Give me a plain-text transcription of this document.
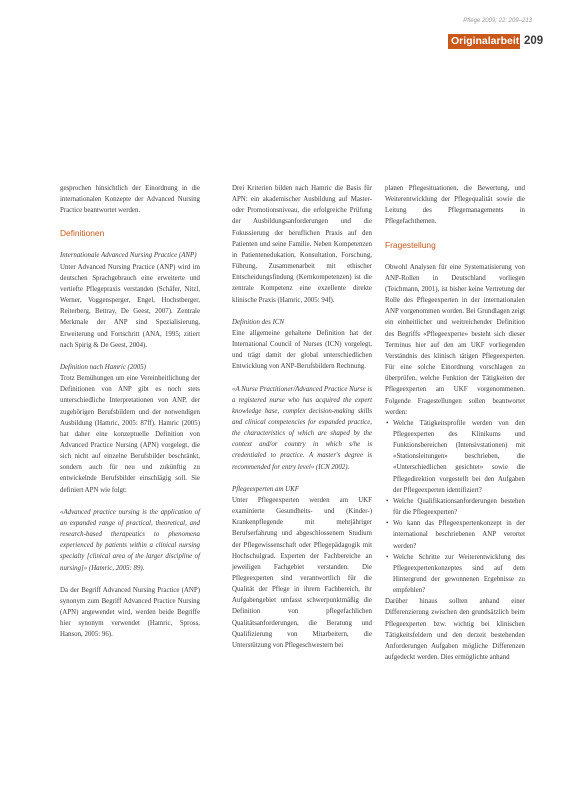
Pflege 2009; 22: 209–213
Originalarbeit 209

gesprochen hinsichtlich der Einordnung in die internationalen Konzepte der Advanced Nursing Practice beantwortet werden.

Definitionen

Internationale Advanced Nursing Practice (ANP)

Unter Advanced Nursing Practice (ANP) wird im deutschen Sprachgebrauch eine erweiterte und vertiefte Pflegepraxis verstanden (Schäfer, Nitzl, Werner, Voggensperger, Engel, Hochstberger, Reiterberg, Bettray, De Geest, 2007). Zentrale Merkmale der ANP sind Spezialisierung, Erweiterung und Fortschritt (ANA, 1995; zitiert nach Spirig & De Geest, 2004).

Definition nach Hamric (2005)

Trotz Bemühungen um eine Vereinheitlichung der Definitionen von ANP gibt es noch stets unterschiedliche Interpretationen von ANP, der zugehörigen Berufsbildern und der notwendigen Ausbildung (Hamric, 2005: 87ff). Hamric (2005) hat daher eine konzeptuelle Definition von Advanced Practice Nursing (APN) vorgelegt, die sich nicht auf einzelne Berufsbilder beschränkt, sondern auch für neu und zukünftig zu entwickelnde Berufsbilder einschlägig soll. Sie definiert APN wie folgt:

«Advanced practice nursing is the application of an expanded range of practical, theoretical, and research-based therapeutics to phenomena experienced by patients within a clinical nursing specialty [clinical area of the larger discipline of nursing]» (Hamric, 2005: 89).

Da der Begriff Advanced Nursing Practice (ANP) synonym zum Begriff Advanced Practice Nursing (APN) angewendet wird, werden beide Begriffe hier synonym verwendet (Hamric, Spross, Hanson, 2005: 96).

Drei Kriterien bilden nach Hamric die Basis für APN: ein akademischer Ausbildung auf Master- oder Promotionsniveau, die erfolgreiche Prüfung der Ausbildungsanforderungen und die Fokussierung der beruflichen Praxis auf den Patienten und seine Familie. Neben Kompetenzen in Patientenedukation, Konsultation, Forschung, Führung, Zusammenarbeit mit ethischer Entscheidungsfindung (Kernkompetenzen) ist die zentrale Kompetenz eine exzellente direkte klinische Praxis (Hamric, 2005: 94f).

Definition des ICN

Eine allgemeine gehaltene Definition hat der International Council of Nurses (ICN) vorgelegt, und trägt damit der global unterschiedlichen Entwicklung von ANP-Berufsbildern Rechnung.

«A Nurse Practitioner/Advanced Practice Nurse is a registered nurse who has acquired the expert knowledge base, complex decision-making skills and clinical competencies for expanded practice, the characteristics of which are shaped by the context and/or country in which s/he is credentialed to practice. A master's degree is recommended for entry level» (ICN 2002).

Pflegeexperten am UKF

Unter Pflegeexperten werden am UKF examinierte Gesundheits- und (Kinder-) Krankenpflegende mit mehrjähriger Berufserfahrung und abgeschlossenem Studium der Pflegewissenschaft oder Pflegepädagogik mit Hochschulgrad. Experten der Fachbereiche an jeweiligen Fachgebiet verstanden. Die Pflegeexperten sind verantwortlich für die Qualität der Pflege in ihrem Fachbereich, ihr Aufgabengebiet umfasst schwerpunktmäßig die Definition von pflegefachlichen Qualitätsanforderungen, die Beratung und Qualifizierung von Mitarbeitern, die Unterstützung von Pflegeschwestern bei

planen Pflegesituationen, die Bewertung, und Weiterentwicklung der Pflegequalität sowie die Leitung des Pflegemanagements in Pflegefachthemen.

Fragestellung

Obwohl Analysen für eine Systematisierung von ANP-Rollen in Deutschland vorliegen (Teichmann, 2001), ist bisher keine Vertretung der Rolle des Pflegeexperten in der internationalen ANP vorgenommen worden. Bei Grundlagen zeigt ein einheitlicher und weitreichender Definition des Begriffs «Pflegeexperte» besteht sich dieser Terminus hier auf den am UKF vorliegenden Verständnis des klinisch tätigen Pflegeexperten. Für eine solche Einordnung vorschlagen zu überprüfen, welche Funktion der Tätigkeiten der Pflegeexperten am UKF vorgenommenen. Folgende Fragestellungen sollen beantwortet werden:

• Welche Tätigkeitsprofile werden von den Pflegeexperten des Klinikums und Funktionsbereichen (Intensivstationen) mit «Stationsleitungen» beschrieben, die «Unterschiedlichen gesichtet» sowie die Pflegedirektion vorgestellt bei den Aufgaben der Pflegeexperten identifiziert?
• Welche Qualifikationsanforderungen bestehen für die Pflegeexperten?
• Wo kann das Pflegeexpertenkonzept in der international beschriebenen ANP verortet werden?
• Welche Schritte zur Weiterentwicklung des Pflegeexpertenkonzeptes sind auf dem Hintergrund der gewonnenen Ergebnisse zu empfehlen?

Darüber hinaus sollten anhand einer Differenzierung zwischen den grundsätzlich beim Pflegeexperten bzw. wichtig bei klinischen Tätigkeitsfeldern und den derzeit bestehenden Anforderungen Aufgaben mögliche Differenzen aufgedeckt werden. Dies ermöglichte anhand
